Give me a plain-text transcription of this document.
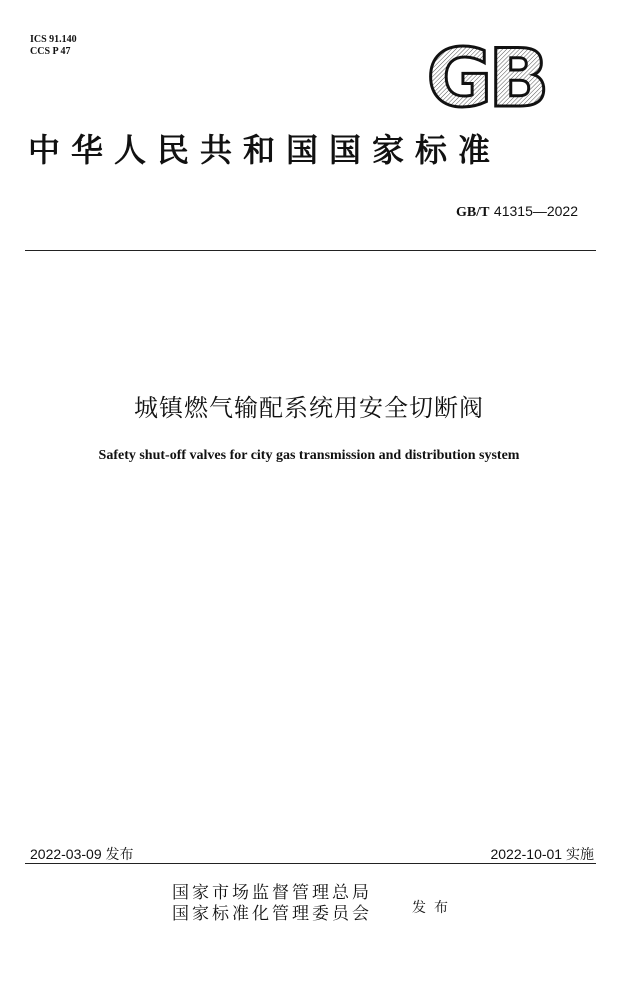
ICS 91.140
CCS P 47	GB
中华人民共和国国家标准
GB/T 41315—2022
城镇燃气输配系统用安全切断阀
Safety shut-off valves for city gas transmission and distribution system
2022-03-09 发布	2022-10-01 实施
国家市场监督管理总局
国家标准化管理委员会	发布
